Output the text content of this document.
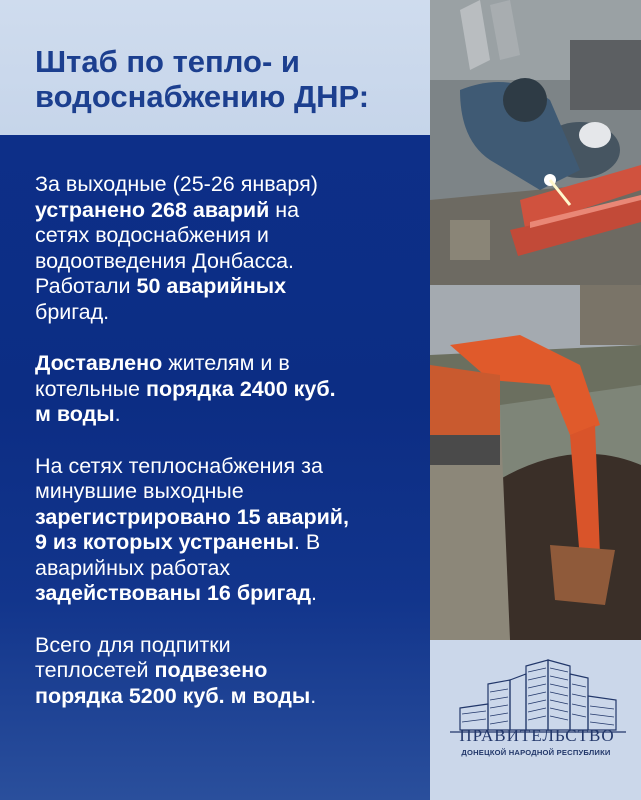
Штаб по тепло- и
водоснабжению ДНР:

За выходные (25-26 января)
устранено 268 аварий на
сетях водоснабжения и
водоотведения Донбасса.
Работали 50 аварийных
бригад.

Доставлено жителям и в
котельные порядка 2400 куб.
м воды.

На сетях теплоснабжения за
минувшие выходные
зарегистрировано 15 аварий,
9 из которых устранены. В
аварийных работах
задействованы 16 бригад.

Всего для подпитки
теплосетей подвезено
порядка 5200 куб. м воды.

ПРАВИТЕЛЬСТВО
ДОНЕЦКОЙ НАРОДНОЙ РЕСПУБЛИКИ
